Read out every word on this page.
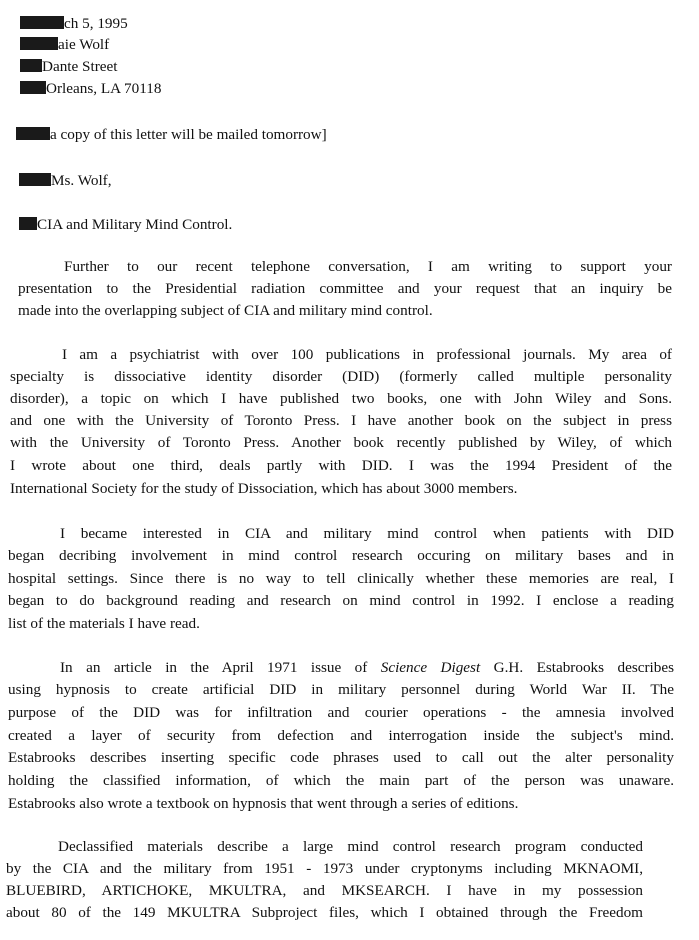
ch 5, 1995
aie Wolf
Dante Street
Orleans, LA 70118
a copy of this letter will be mailed tomorrow]
Ms. Wolf,
CIA and Military Mind Control.
Further to our recent telephone conversation, I am writing to support your
presentation to the Presidential radiation committee and your request that an inquiry be
made into the overlapping subject of CIA and military mind control.
I am a psychiatrist with over 100 publications in professional journals. My area of
specialty is dissociative identity disorder (DID) (formerly called multiple personality
disorder), a topic on which I have published two books, one with John Wiley and Sons.
and one with the University of Toronto Press. I have another book on the subject in press
with the University of Toronto Press. Another book recently published by Wiley, of which
I wrote about one third, deals partly with DID. I was the 1994 President of the
International Society for the study of Dissociation, which has about 3000 members.
I became interested in CIA and military mind control when patients with DID
began decribing involvement in mind control research occuring on military bases and in
hospital settings. Since there is no way to tell clinically whether these memories are real, I
began to do background reading and research on mind control in 1992. I enclose a reading
list of the materials I have read.
In an article in the April 1971 issue of Science Digest G.H. Estabrooks describes
using hypnosis to create artificial DID in military personnel during World War II. The
purpose of the DID was for infiltration and courier operations - the amnesia involved
created a layer of security from defection and interrogation inside the subject's mind.
Estabrooks describes inserting specific code phrases used to call out the alter personality
holding the classified information, of which the main part of the person was unaware.
Estabrooks also wrote a textbook on hypnosis that went through a series of editions.
Declassified materials describe a large mind control research program conducted
by the CIA and the military from 1951 - 1973 under cryptonyms including MKNAOMI,
BLUEBIRD, ARTICHOKE, MKULTRA, and MKSEARCH. I have in my possession
about 80 of the 149 MKULTRA Subproject files, which I obtained through the Freedom
